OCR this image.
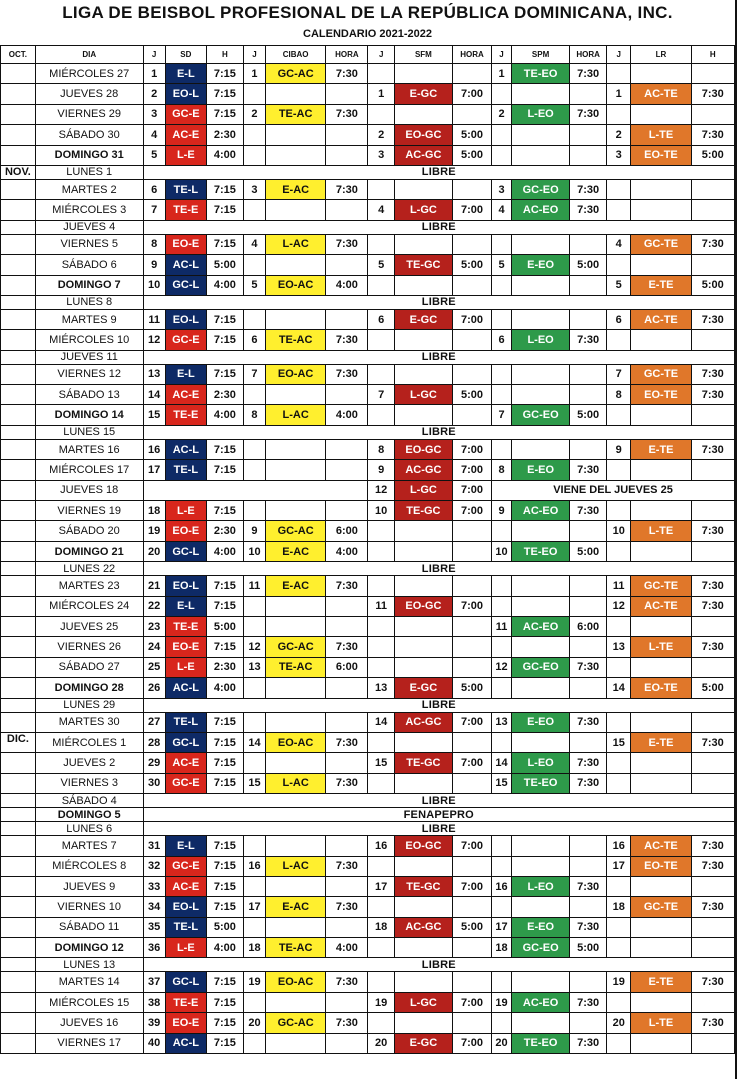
LIGA DE BEISBOL PROFESIONAL DE LA REPÚBLICA DOMINICANA, INC.
CALENDARIO 2021-2022
OCT.	DIA	J	SD	H	J	CIBAO	HORA	J	SFM	HORA	J	SPM	HORA	J	LR	H
	MIÉRCOLES 27	1	E-L	7:15	1	GC-AC	7:30				1	TE-EO	7:30			
	JUEVES 28	2	EO-L	7:15				1	E-GC	7:00				1	AC-TE	7:30
	VIERNES 29	3	GC-E	7:15	2	TE-AC	7:30				2	L-EO	7:30			
	SÁBADO 30	4	AC-E	2:30				2	EO-GC	5:00				2	L-TE	7:30
	DOMINGO 31	5	L-E	4:00				3	AC-GC	5:00				3	EO-TE	5:00
NOV.	LUNES 1	LIBRE														
	MARTES 2	6	TE-L	7:15	3	E-AC	7:30				3	GC-EO	7:30			
	MIÉRCOLES 3	7	TE-E	7:15				4	L-GC	7:00	4	AC-EO	7:30			
	JUEVES 4	LIBRE														
	VIERNES 5	8	EO-E	7:15	4	L-AC	7:30							4	GC-TE	7:30
	SÁBADO 6	9	AC-L	5:00				5	TE-GC	5:00	5	E-EO	5:00			
	DOMINGO 7	10	GC-L	4:00	5	EO-AC	4:00							5	E-TE	5:00
	LUNES 8	LIBRE														
	MARTES 9	11	EO-L	7:15				6	E-GC	7:00				6	AC-TE	7:30
	MIÉRCOLES 10	12	GC-E	7:15	6	TE-AC	7:30				6	L-EO	7:30			
	JUEVES 11	LIBRE														
	VIERNES 12	13	E-L	7:15	7	EO-AC	7:30							7	GC-TE	7:30
	SÁBADO 13	14	AC-E	2:30				7	L-GC	5:00				8	EO-TE	7:30
	DOMINGO 14	15	TE-E	4:00	8	L-AC	4:00				7	GC-EO	5:00			
	LUNES 15	LIBRE														
	MARTES 16	16	AC-L	7:15				8	EO-GC	7:00				9	E-TE	7:30
	MIÉRCOLES 17	17	TE-L	7:15				9	AC-GC	7:00	8	E-EO	7:30			
	JUEVES 18							12	L-GC	7:00	VIENE DEL JUEVES 25					
	VIERNES 19	18	L-E	7:15				10	TE-GC	7:00	9	AC-EO	7:30			
	SÁBADO 20	19	EO-E	2:30	9	GC-AC	6:00							10	L-TE	7:30
	DOMINGO 21	20	GC-L	4:00	10	E-AC	4:00				10	TE-EO	5:00			
	LUNES 22	LIBRE														
	MARTES 23	21	EO-L	7:15	11	E-AC	7:30							11	GC-TE	7:30
	MIÉRCOLES 24	22	E-L	7:15				11	EO-GC	7:00				12	AC-TE	7:30
	JUEVES 25	23	TE-E	5:00							11	AC-EO	6:00			
	VIERNES 26	24	EO-E	7:15	12	GC-AC	7:30							13	L-TE	7:30
	SÁBADO 27	25	L-E	2:30	13	TE-AC	6:00				12	GC-EO	7:30			
	DOMINGO 28	26	AC-L	4:00				13	E-GC	5:00				14	EO-TE	5:00
	LUNES 29	LIBRE														
	MARTES 30	27	TE-L	7:15				14	AC-GC	7:00	13	E-EO	7:30			
DIC.	MIÉRCOLES 1	28	GC-L	7:15	14	EO-AC	7:30							15	E-TE	7:30
	JUEVES 2	29	AC-E	7:15				15	TE-GC	7:00	14	L-EO	7:30			
	VIERNES 3	30	GC-E	7:15	15	L-AC	7:30				15	TE-EO	7:30			
	SÁBADO 4	LIBRE														
	DOMINGO 5	FENAPEPRO														
	LUNES 6	LIBRE														
	MARTES 7	31	E-L	7:15				16	EO-GC	7:00				16	AC-TE	7:30
	MIÉRCOLES 8	32	GC-E	7:15	16	L-AC	7:30							17	EO-TE	7:30
	JUEVES 9	33	AC-E	7:15				17	TE-GC	7:00	16	L-EO	7:30			
	VIERNES 10	34	EO-L	7:15	17	E-AC	7:30							18	GC-TE	7:30
	SÁBADO 11	35	TE-L	5:00				18	AC-GC	5:00	17	E-EO	7:30			
	DOMINGO 12	36	L-E	4:00	18	TE-AC	4:00				18	GC-EO	5:00			
	LUNES 13	LIBRE														
	MARTES 14	37	GC-L	7:15	19	EO-AC	7:30							19	E-TE	7:30
	MIÉRCOLES 15	38	TE-E	7:15				19	L-GC	7:00	19	AC-EO	7:30			
	JUEVES 16	39	EO-E	7:15	20	GC-AC	7:30							20	L-TE	7:30
	VIERNES 17	40	AC-L	7:15				20	E-GC	7:00	20	TE-EO	7:30			
